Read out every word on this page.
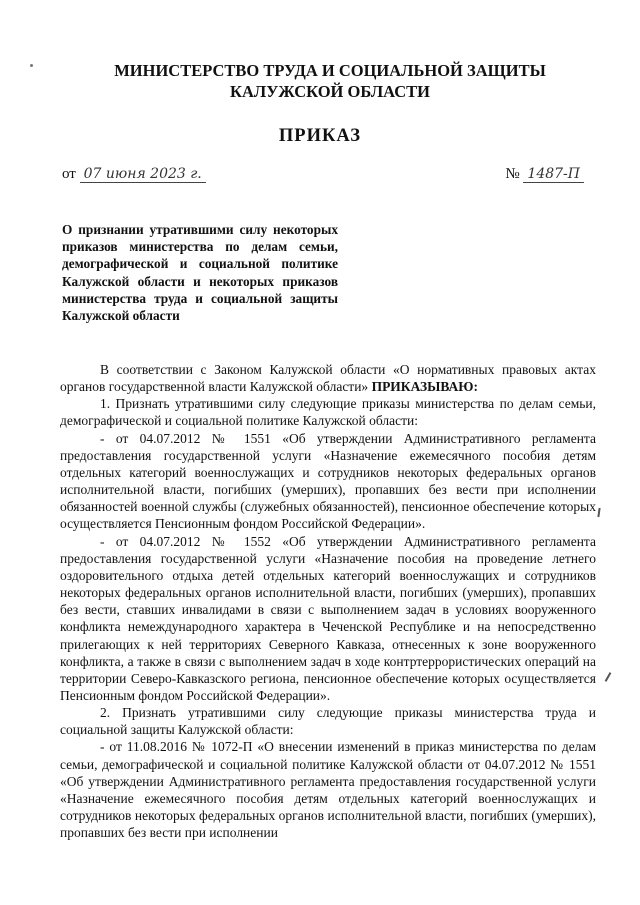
МИНИСТЕРСТВО ТРУДА И СОЦИАЛЬНОЙ ЗАЩИТЫ
КАЛУЖСКОЙ ОБЛАСТИ
ПРИКАЗ
от 07 июня 2023 г.	№ 1487-П
О признании утратившими силу некоторых приказов министерства по делам семьи, демографической и социальной политике Калужской области и некоторых приказов министерства труда и социальной защиты Калужской области

В соответствии с Законом Калужской области «О нормативных правовых актах органов государственной власти Калужской области» ПРИКАЗЫВАЮ:

1. Признать утратившими силу следующие приказы министерства по делам семьи, демографической и социальной политике Калужской области:

- от 04.07.2012 № 1551 «Об утверждении Административного регламента предоставления государственной услуги «Назначение ежемесячного пособия детям отдельных категорий военнослужащих и сотрудников некоторых федеральных органов исполнительной власти, погибших (умерших), пропавших без вести при исполнении обязанностей военной службы (служебных обязанностей), пенсионное обеспечение которых осуществляется Пенсионным фондом Российской Федерации».

- от 04.07.2012 № 1552 «Об утверждении Административного регламента предоставления государственной услуги «Назначение пособия на проведение летнего оздоровительного отдыха детей отдельных категорий военнослужащих и сотрудников некоторых федеральных органов исполнительной власти, погибших (умерших), пропавших без вести, ставших инвалидами в связи с выполнением задач в условиях вооруженного конфликта немеждународного характера в Чеченской Республике и на непосредственно прилегающих к ней территориях Северного Кавказа, отнесенных к зоне вооруженного конфликта, а также в связи с выполнением задач в ходе контртеррористических операций на территории Северо-Кавказского региона, пенсионное обеспечение которых осуществляется Пенсионным фондом Российской Федерации».

2. Признать утратившими силу следующие приказы министерства труда и социальной защиты Калужской области:

- от 11.08.2016 № 1072-П «О внесении изменений в приказ министерства по делам семьи, демографической и социальной политике Калужской области от 04.07.2012 № 1551 «Об утверждении Административного регламента предоставления государственной услуги «Назначение ежемесячного пособия детям отдельных категорий военнослужащих и сотрудников некоторых федеральных органов исполнительной власти, погибших (умерших), пропавших без вести при исполнении
